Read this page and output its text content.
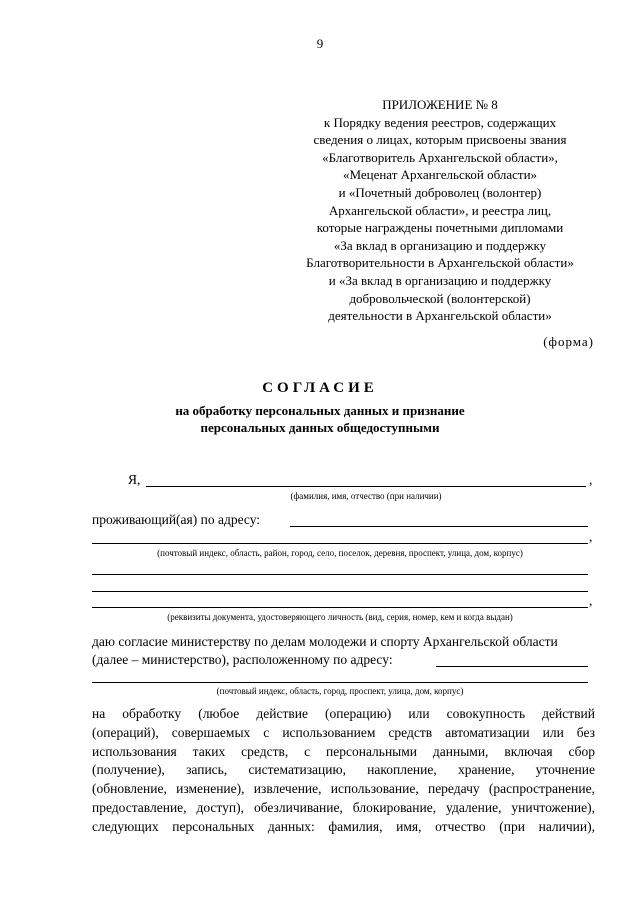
9
ПРИЛОЖЕНИЕ № 8
к Порядку ведения реестров, содержащих
сведения о лицах, которым присвоены звания
«Благотворитель Архангельской области»,
«Меценат Архангельской области»
и «Почетный доброволец (волонтер)
Архангельской области», и реестра лиц,
которые награждены почетными дипломами
«За вклад в организацию и поддержку
Благотворительности в Архангельской области»
и «За вклад в организацию и поддержку
добровольческой (волонтерской)
деятельности в Архангельской области»
(форма)
СОГЛАСИЕ
на обработку персональных данных и признание
персональных данных общедоступными
Я,	,
(фамилия, имя, отчество (при наличии)
проживающий(ая) по адресу:
,
(почтовый индекс, область, район, город, село, поселок, деревня, проспект, улица, дом, корпус)
,
(реквизиты документа, удостоверяющего личность (вид, серия, номер, кем и когда выдан)
даю согласие министерству по делам молодежи и спорту Архангельской области
(далее – министерство), расположенному по адресу:
(почтовый индекс, область, город, проспект, улица, дом, корпус)
на обработку (любое действие (операцию) или совокупность действий
(операций), совершаемых с использованием средств автоматизации или без
использования таких средств, с персональными данными, включая сбор
(получение), запись, систематизацию, накопление, хранение, уточнение
(обновление, изменение), извлечение, использование, передачу (распространение,
предоставление, доступ), обезличивание, блокирование, удаление, уничтожение),
следующих персональных данных: фамилия, имя, отчество (при наличии),
